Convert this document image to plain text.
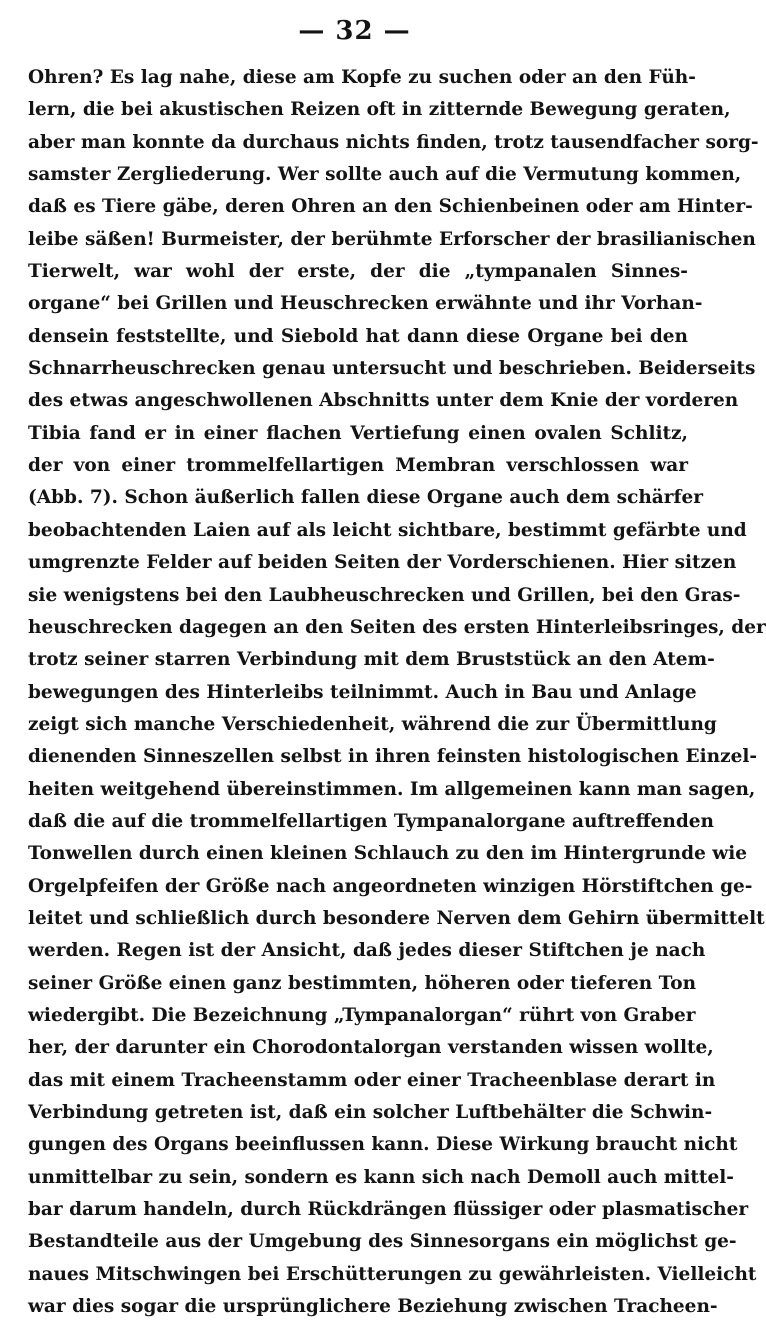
— 32 —
Ohren? Es lag nahe, diese am Kopfe zu suchen oder an den Füh-
lern, die bei akustischen Reizen oft in zitternde Bewegung geraten,
aber man konnte da durchaus nichts finden, trotz tausendfacher sorg-
samster Zergliederung. Wer sollte auch auf die Vermutung kommen,
daß es Tiere gäbe, deren Ohren an den Schienbeinen oder am Hinter-
leibe säßen! Burmeister, der berühmte Erforscher der brasilianischen
Tierwelt, war wohl der erste, der die „tympanalen Sinnes-
organe“ bei Grillen und Heuschrecken erwähnte und ihr Vorhan-
densein feststellte, und Siebold hat dann diese Organe bei den
Schnarrheuschrecken genau untersucht und beschrieben. Beiderseits
des etwas angeschwollenen Abschnitts unter dem Knie der vorderen
Tibia fand er in einer flachen Vertiefung einen ovalen Schlitz,
der von einer trommelfellartigen Membran verschlossen war
(Abb. 7). Schon äußerlich fallen diese Organe auch dem schärfer
beobachtenden Laien auf als leicht sichtbare, bestimmt gefärbte und
umgrenzte Felder auf beiden Seiten der Vorderschienen. Hier sitzen
sie wenigstens bei den Laubheuschrecken und Grillen, bei den Gras-
heuschrecken dagegen an den Seiten des ersten Hinterleibsringes, der
trotz seiner starren Verbindung mit dem Bruststück an den Atem-
bewegungen des Hinterleibs teilnimmt. Auch in Bau und Anlage
zeigt sich manche Verschiedenheit, während die zur Übermittlung
dienenden Sinneszellen selbst in ihren feinsten histologischen Einzel-
heiten weitgehend übereinstimmen. Im allgemeinen kann man sagen,
daß die auf die trommelfellartigen Tympanalorgane auftreffenden
Tonwellen durch einen kleinen Schlauch zu den im Hintergrunde wie
Orgelpfeifen der Größe nach angeordneten winzigen Hörstiftchen ge-
leitet und schließlich durch besondere Nerven dem Gehirn übermittelt
werden. Regen ist der Ansicht, daß jedes dieser Stiftchen je nach
seiner Größe einen ganz bestimmten, höheren oder tieferen Ton
wiedergibt. Die Bezeichnung „Tympanalorgan“ rührt von Graber
her, der darunter ein Chorodontalorgan verstanden wissen wollte,
das mit einem Tracheenstamm oder einer Tracheenblase derart in
Verbindung getreten ist, daß ein solcher Luftbehälter die Schwin-
gungen des Organs beeinflussen kann. Diese Wirkung braucht nicht
unmittelbar zu sein, sondern es kann sich nach Demoll auch mittel-
bar darum handeln, durch Rückdrängen flüssiger oder plasmatischer
Bestandteile aus der Umgebung des Sinnesorgans ein möglichst ge-
naues Mitschwingen bei Erschütterungen zu gewährleisten. Vielleicht
war dies sogar die ursprünglichere Beziehung zwischen Tracheen-
